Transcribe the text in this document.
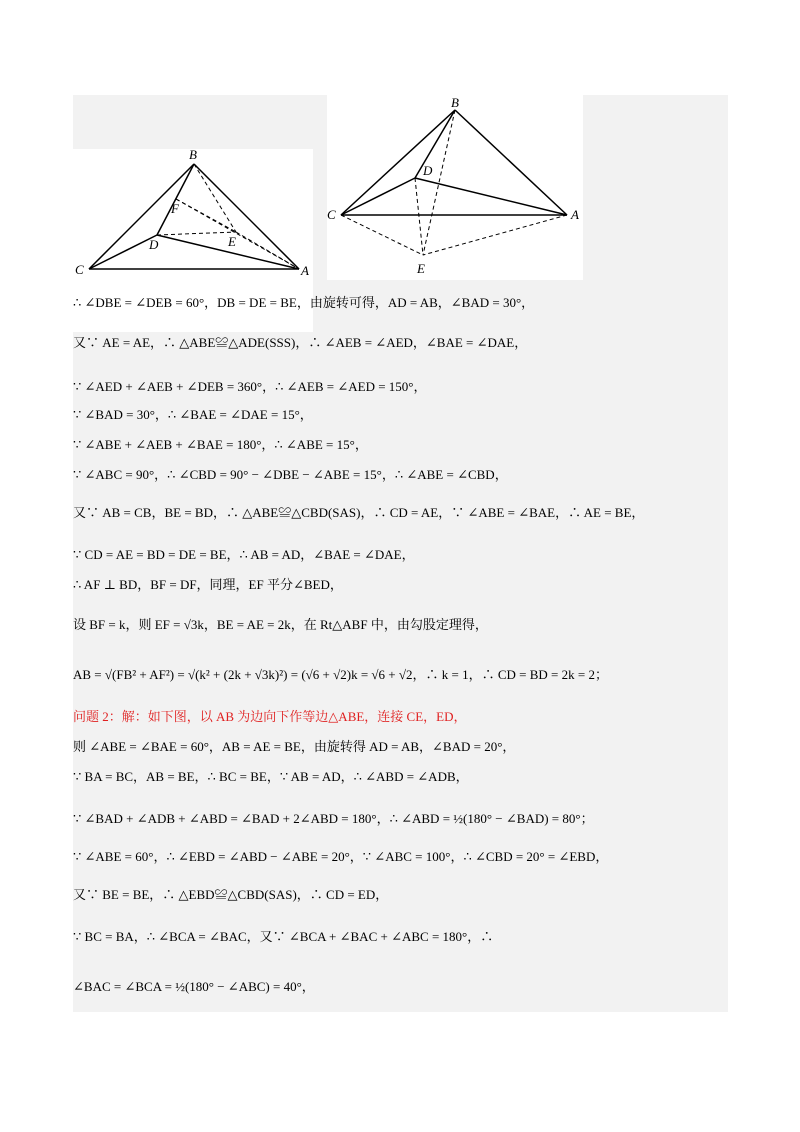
B
F
D	E
C	A
B
D
C	A
E
∴ ∠DBE = ∠DEB = 60°，DB = DE = BE，由旋转可得，AD = AB，∠BAD = 30°，
又∵ AE = AE，∴ △ABE≌△ADE(SSS)，∴ ∠AEB = ∠AED，∠BAE = ∠DAE，
∵ ∠AED + ∠AEB + ∠DEB = 360°，∴ ∠AEB = ∠AED = 150°，
∵ ∠BAD = 30°，∴ ∠BAE = ∠DAE = 15°，
∵ ∠ABE + ∠AEB + ∠BAE = 180°，∴ ∠ABE = 15°，
∵ ∠ABC = 90°，∴ ∠CBD = 90° − ∠DBE − ∠ABE = 15°，∴ ∠ABE = ∠CBD，
又∵ AB = CB，BE = BD，∴ △ABE≌△CBD(SAS)，∴ CD = AE，∵ ∠ABE = ∠BAE，∴ AE = BE，
∵ CD = AE = BD = DE = BE，∴ AB = AD，∠BAE = ∠DAE，
∴ AF ⊥ BD，BF = DF，同理，EF 平分∠BED，
设 BF = k，则 EF = √3k，BE = AE = 2k，在 Rt△ABF 中，由勾股定理得，
AB = √(FB² + AF²) = √(k² + (2k + √3k)²) = (√6 + √2)k = √6 + √2，∴ k = 1，∴ CD = BD = 2k = 2；
问题 2：解：如下图，以 AB 为边向下作等边△ABE，连接 CE，ED，
则 ∠ABE = ∠BAE = 60°，AB = AE = BE，由旋转得 AD = AB，∠BAD = 20°，
∵ BA = BC，AB = BE，∴ BC = BE，∵ AB = AD，∴ ∠ABD = ∠ADB，
∵ ∠BAD + ∠ADB + ∠ABD = ∠BAD + 2∠ABD = 180°，∴ ∠ABD = ½(180° − ∠BAD) = 80°；
∵ ∠ABE = 60°，∴ ∠EBD = ∠ABD − ∠ABE = 20°，∵ ∠ABC = 100°，∴ ∠CBD = 20° = ∠EBD，
又∵ BE = BE，∴ △EBD≌△CBD(SAS)，∴ CD = ED，
∵ BC = BA，∴ ∠BCA = ∠BAC，又∵ ∠BCA + ∠BAC + ∠ABC = 180°，∴
∠BAC = ∠BCA = ½(180° − ∠ABC) = 40°，
